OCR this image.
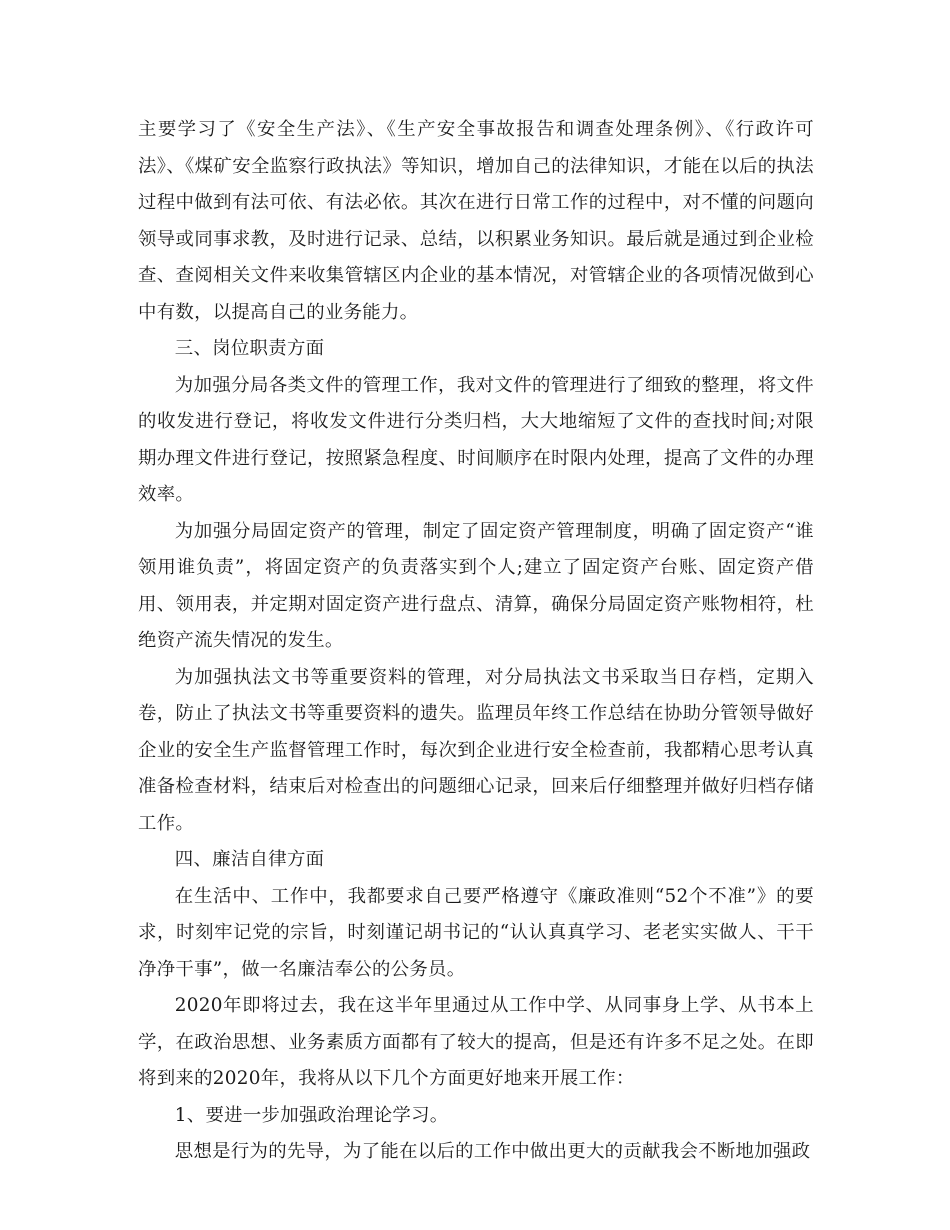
主要学习了《安全生产法》、《生产安全事故报告和调查处理条例》、《行政许可法》、《煤矿安全监察行政执法》等知识，增加自己的法律知识，才能在以后的执法过程中做到有法可依、有法必依。其次在进行日常工作的过程中，对不懂的问题向领导或同事求教，及时进行记录、总结，以积累业务知识。最后就是通过到企业检查、查阅相关文件来收集管辖区内企业的基本情况，对管辖企业的各项情况做到心中有数，以提高自己的业务能力。

三、岗位职责方面

为加强分局各类文件的管理工作，我对文件的管理进行了细致的整理，将文件的收发进行登记，将收发文件进行分类归档，大大地缩短了文件的查找时间;对限期办理文件进行登记，按照紧急程度、时间顺序在时限内处理，提高了文件的办理效率。

为加强分局固定资产的管理，制定了固定资产管理制度，明确了固定资产“谁领用谁负责”，将固定资产的负责落实到个人;建立了固定资产台账、固定资产借用、领用表，并定期对固定资产进行盘点、清算，确保分局固定资产账物相符，杜绝资产流失情况的发生。

为加强执法文书等重要资料的管理，对分局执法文书采取当日存档，定期入卷，防止了执法文书等重要资料的遗失。监理员年终工作总结在协助分管领导做好企业的安全生产监督管理工作时，每次到企业进行安全检查前，我都精心思考认真准备检查材料，结束后对检查出的问题细心记录，回来后仔细整理并做好归档存储工作。

四、廉洁自律方面

在生活中、工作中，我都要求自己要严格遵守《廉政准则“52个不准”》的要求，时刻牢记党的宗旨，时刻谨记胡书记的“认认真真学习、老老实实做人、干干净净干事”，做一名廉洁奉公的公务员。

2020年即将过去，我在这半年里通过从工作中学、从同事身上学、从书本上学，在政治思想、业务素质方面都有了较大的提高，但是还有许多不足之处。在即将到来的2020年，我将从以下几个方面更好地来开展工作：

1、要进一步加强政治理论学习。

思想是行为的先导，为了能在以后的工作中做出更大的贡献我会不断地加强政
